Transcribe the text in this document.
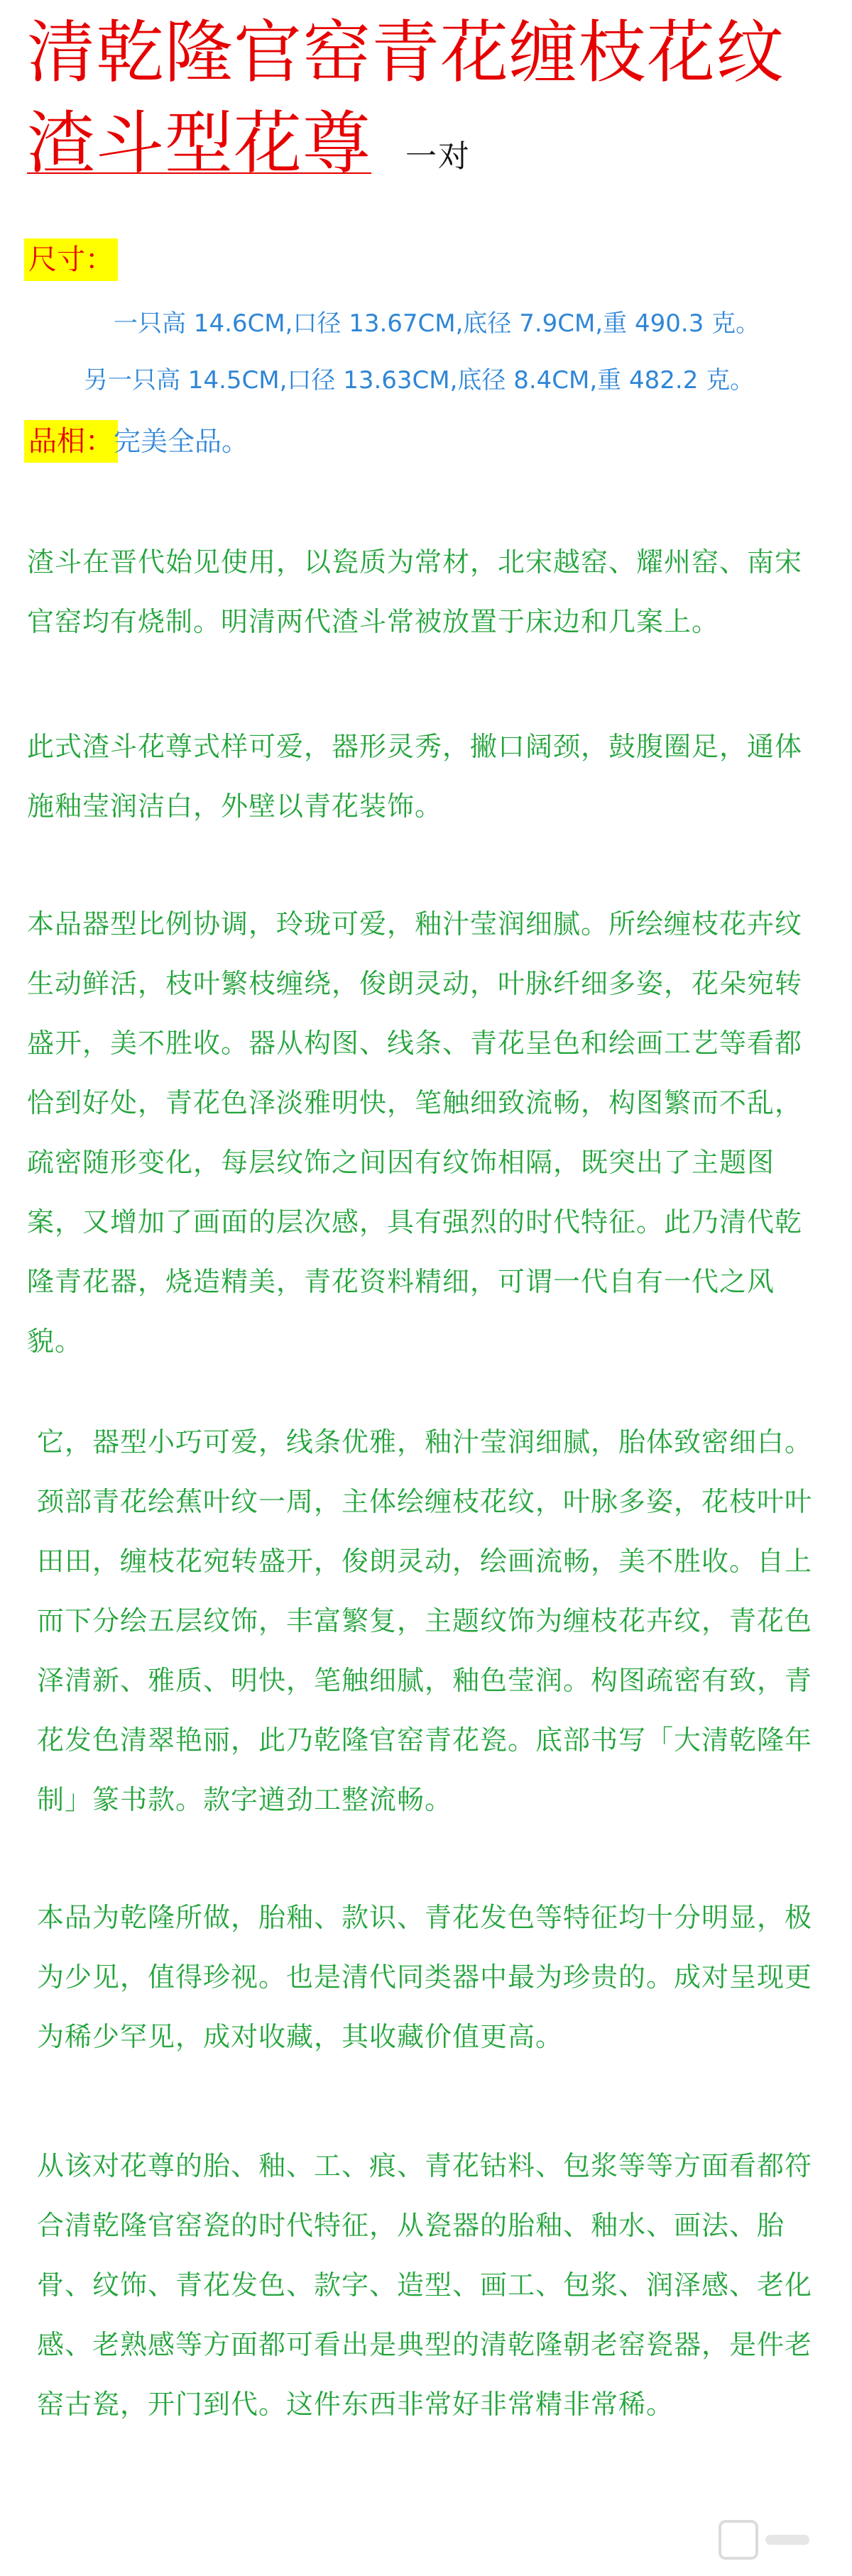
清乾隆官窑青花缠枝花纹
渣斗型花尊 一对
尺寸：
一只高 14.6CM,口径 13.67CM,底径 7.9CM,重 490.3 克。
另一只高 14.5CM,口径 13.63CM,底径 8.4CM,重 482.2 克。
品相： 完美全品。
渣斗在晋代始见使用，以瓷质为常材，北宋越窑、耀州窑、南宋官窑均有烧制。明清两代渣斗常被放置于床边和几案上。
此式渣斗花尊式样可爱，器形灵秀，撇口阔颈，鼓腹圈足，通体施釉莹润洁白，外壁以青花装饰。
本品器型比例协调，玲珑可爱，釉汁莹润细腻。所绘缠枝花卉纹生动鲜活，枝叶繁枝缠绕，俊朗灵动，叶脉纤细多姿，花朵宛转盛开，美不胜收。器从构图、线条、青花呈色和绘画工艺等看都恰到好处，青花色泽淡雅明快，笔触细致流畅，构图繁而不乱，疏密随形变化，每层纹饰之间因有纹饰相隔，既突出了主题图案，又增加了画面的层次感，具有强烈的时代特征。此乃清代乾隆青花器，烧造精美，青花资料精细，可谓一代自有一代之风貌。
它，器型小巧可爱，线条优雅，釉汁莹润细腻，胎体致密细白。颈部青花绘蕉叶纹一周，主体绘缠枝花纹，叶脉多姿，花枝叶叶田田，缠枝花宛转盛开，俊朗灵动，绘画流畅，美不胜收。自上而下分绘五层纹饰，丰富繁复，主题纹饰为缠枝花卉纹，青花色泽清新、雅质、明快，笔触细腻，釉色莹润。构图疏密有致，青花发色清翠艳丽，此乃乾隆官窑青花瓷。底部书写「大清乾隆年制」篆书款。款字遒劲工整流畅。
本品为乾隆所做，胎釉、款识、青花发色等特征均十分明显，极为少见，值得珍视。也是清代同类器中最为珍贵的。成对呈现更为稀少罕见，成对收藏，其收藏价值更高。
从该对花尊的胎、釉、工、痕、青花钴料、包浆等等方面看都符合清乾隆官窑瓷的时代特征，从瓷器的胎釉、釉水、画法、胎骨、纹饰、青花发色、款字、造型、画工、包浆、润泽感、老化感、老熟感等方面都可看出是典型的清乾隆朝老窑瓷器，是件老窑古瓷，开门到代。这件东西非常好非常精非常稀。
